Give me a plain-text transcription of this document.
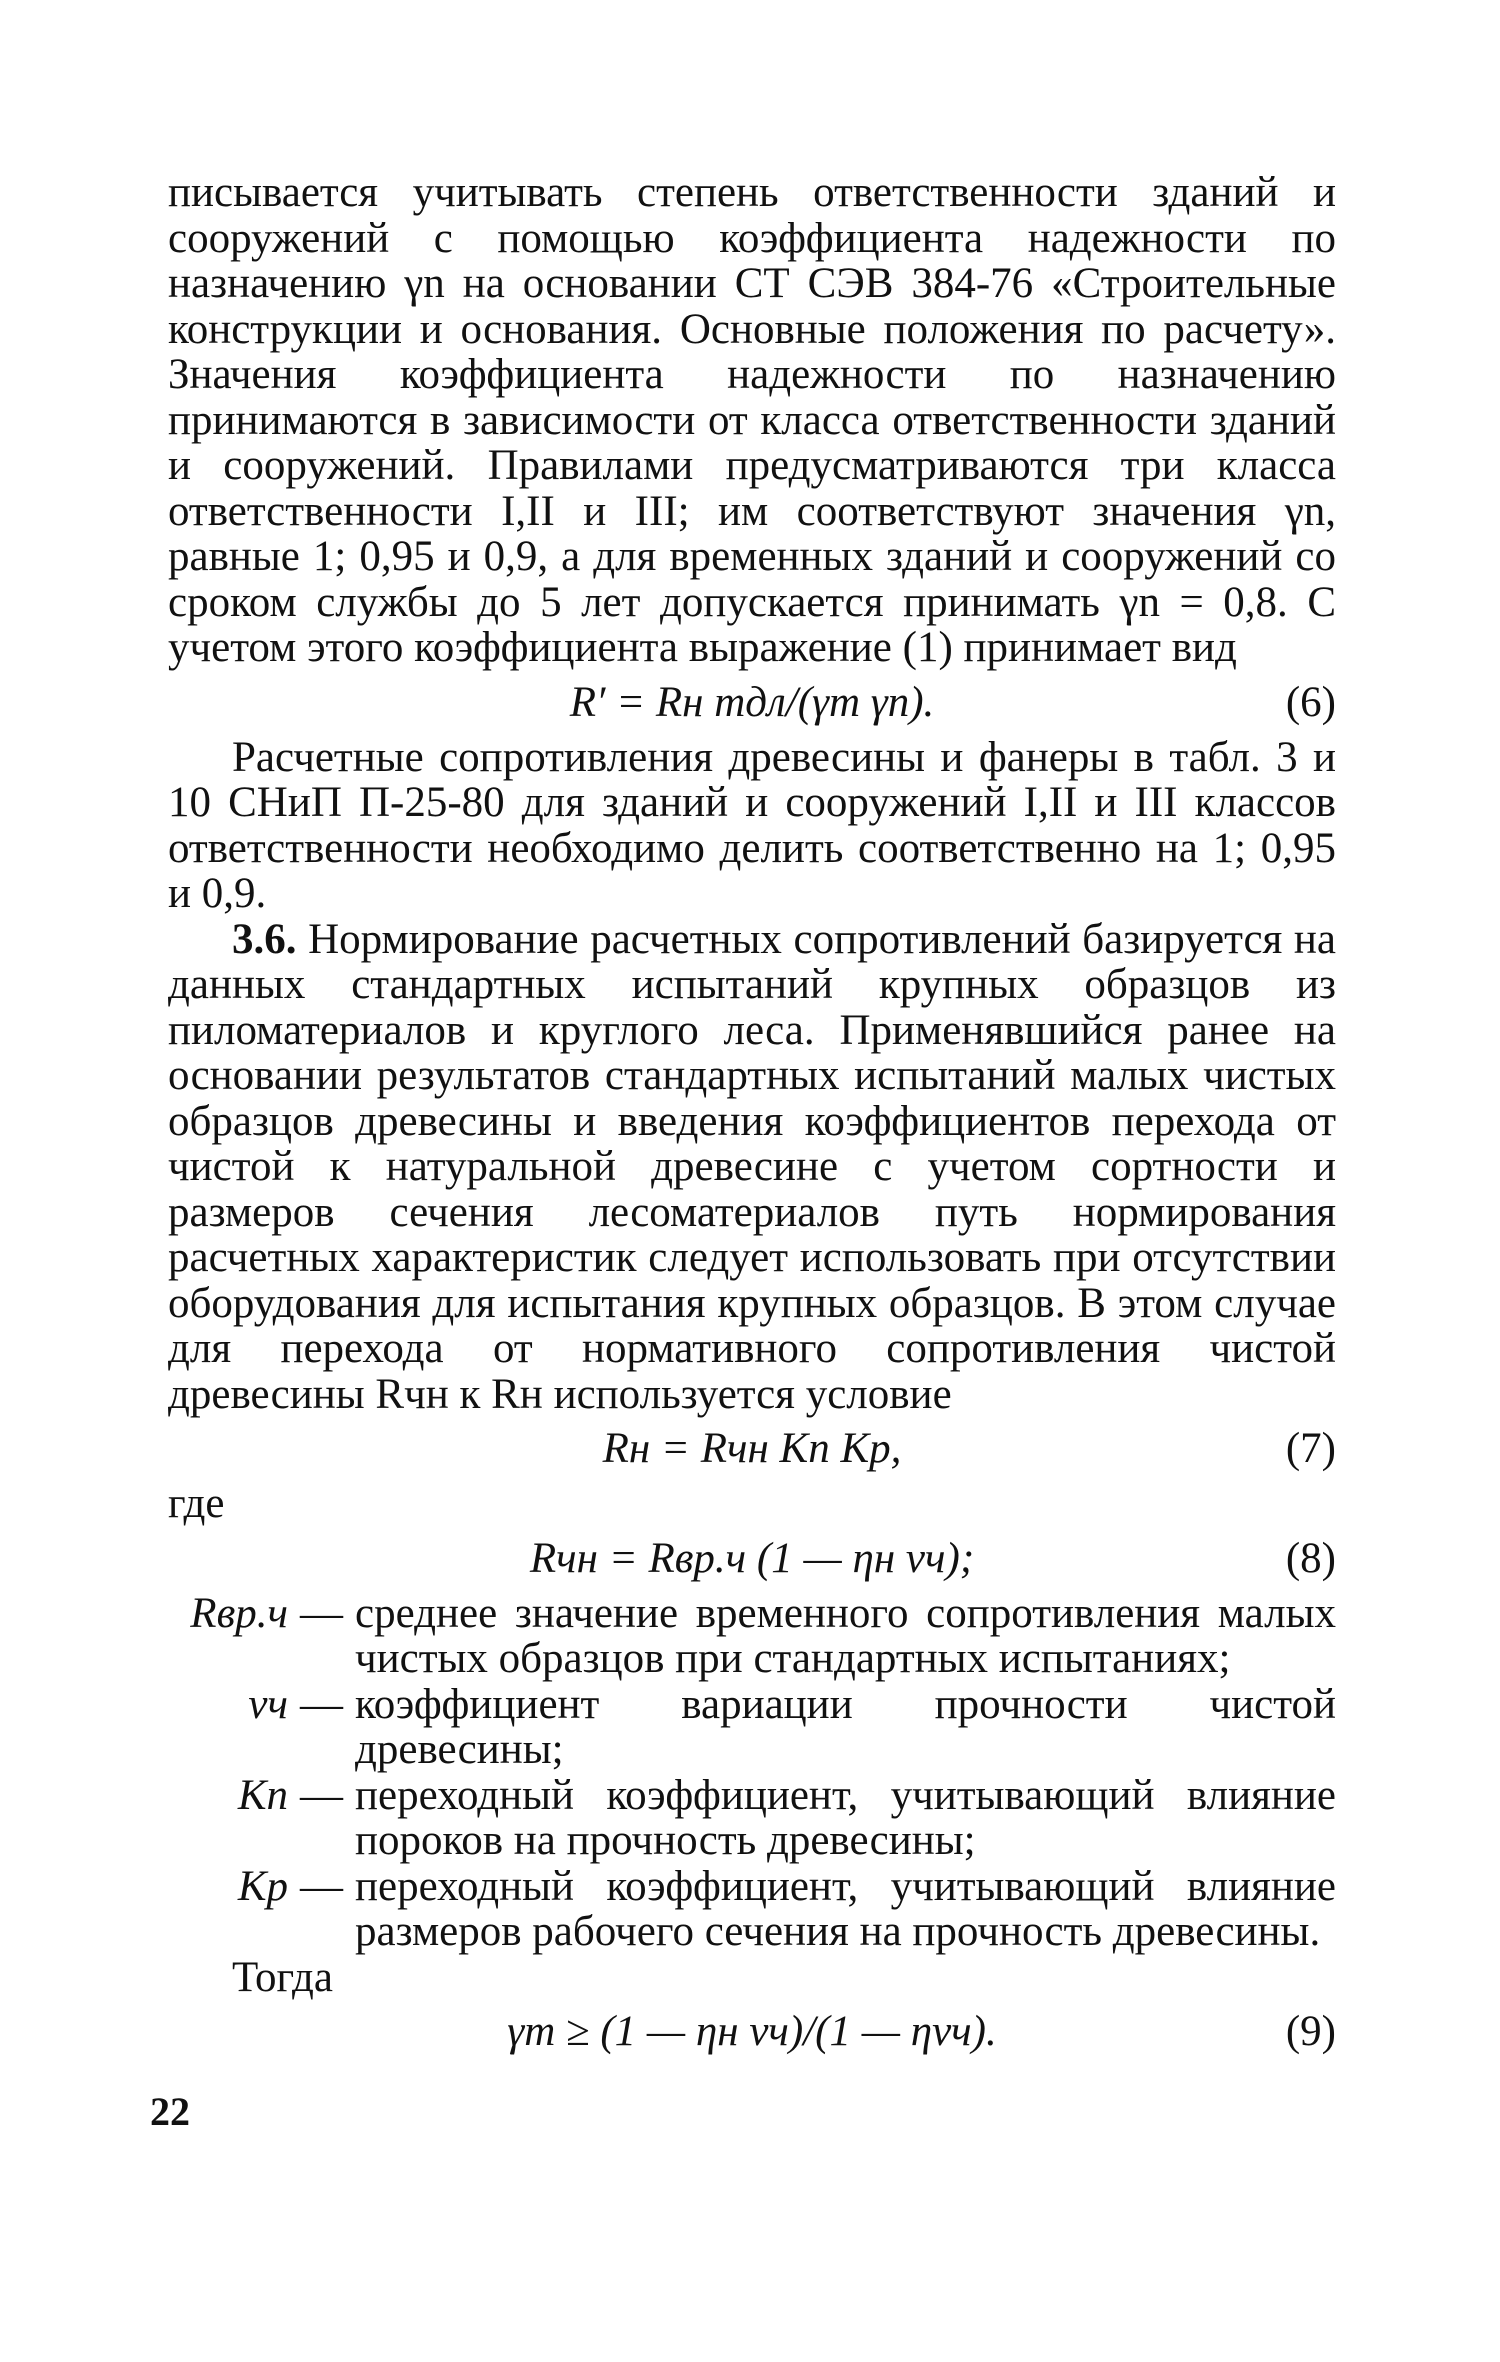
писывается учитывать степень ответственности зданий и сооружений с помощью коэффициента надежности по назначению γn на основании СТ СЭВ 384-76 «Строительные конструкции и основания. Основные положения по расчету». Значения коэффициента надежности по назначению принимаются в зависимости от класса ответственности зданий и сооружений. Правилами предусматриваются три класса ответственности I,II и III; им соответствуют значения γn, равные 1; 0,95 и 0,9, а для временных зданий и сооружений со сроком службы до 5 лет допускается принимать γn = 0,8. С учетом этого коэффициента выражение (1) принимает вид

R′ = Rн mдл/(γm γn).	(6)

Расчетные сопротивления древесины и фанеры в табл. 3 и 10 СНиП П-25-80 для зданий и сооружений I,II и III классов ответственности необходимо делить соответственно на 1; 0,95 и 0,9.

3.6. Нормирование расчетных сопротивлений базируется на данных стандартных испытаний крупных образцов из пиломатериалов и круглого леса. Применявшийся ранее на основании результатов стандартных испытаний малых чистых образцов древесины и введения коэффициентов перехода от чистой к натуральной древесине с учетом сортности и размеров сечения лесоматериалов путь нормирования расчетных характеристик следует использовать при отсутствии оборудования для испытания крупных образцов. В этом случае для перехода от нормативного сопротивления чистой древесины Rчн к Rн используется условие

Rн = Rчн Kп Kр,	(7)

где

Rчн = Rвр.ч (1 — ηн νч);	(8)
Rвр.ч — среднее значение временного сопротивления малых чистых образцов при стандартных испытаниях;
νч — коэффициент вариации прочности чистой древесины;
Kп — переходный коэффициент, учитывающий влияние пороков на прочность древесины;
Kр — переходный коэффициент, учитывающий влияние размеров рабочего сечения на прочность древесины.

Тогда

γm ≥ (1 — ηн νч)/(1 — ηνч).	(9)
22
